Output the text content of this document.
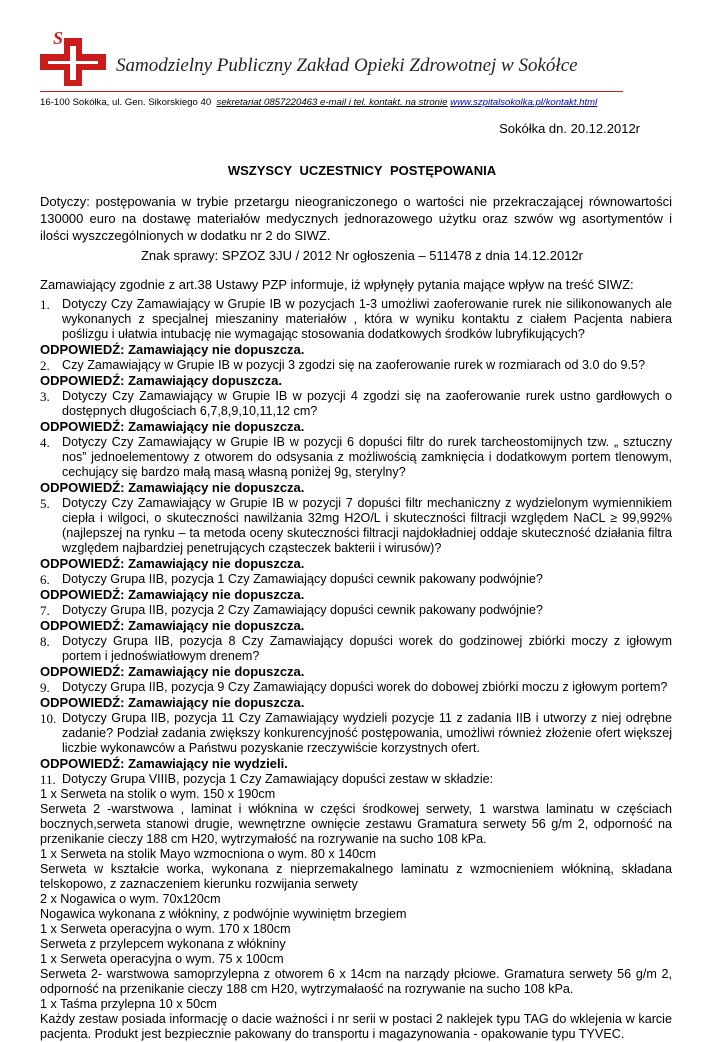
S
Samodzielny Publiczny Zakład Opieki Zdrowotnej w Sokółce
16-100 Sokółka, ul. Gen. Sikorskiego 40 sekretariat 0857220463 e-mail i tel. kontakt. na stronie www.szpitalsokolka.pl/kontakt.html
Sokółka dn. 20.12.2012r
WSZYSCY UCZESTNICY POSTĘPOWANIA
Dotyczy: postępowania w trybie przetargu nieograniczonego o wartości nie przekraczającej równowartości 130000 euro na dostawę materiałów medycznych jednorazowego użytku oraz szwów wg asortymentów i ilości wyszczególnionych w dodatku nr 2 do SIWZ.
Znak sprawy: SPZOZ 3JU / 2012 Nr ogłoszenia – 511478 z dnia 14.12.2012r
Zamawiający zgodnie z art.38 Ustawy PZP informuje, iż wpłynęły pytania mające wpływ na treść SIWZ:
1. Dotyczy Czy Zamawiający w Grupie IB w pozycjach 1-3 umożliwi zaoferowanie rurek nie silikonowanych ale wykonanych z specjalnej mieszaniny materiałów , która w wyniku kontaktu z ciałem Pacjenta nabiera poślizgu i ułatwia intubację nie wymagając stosowania dodatkowych środków lubryfikujących?
ODPOWIEDŹ: Zamawiający nie dopuszcza.
2. Czy Zamawiający w Grupie IB w pozycji 3 zgodzi się na zaoferowanie rurek w rozmiarach od 3.0 do 9.5?
ODPOWIEDŹ: Zamawiający dopuszcza.
3. Dotyczy Czy Zamawiający w Grupie IB w pozycji 4 zgodzi się na zaoferowanie rurek ustno gardłowych o dostępnych długościach 6,7,8,9,10,11,12 cm?
ODPOWIEDŹ: Zamawiający nie dopuszcza.
4. Dotyczy Czy Zamawiający w Grupie IB w pozycji 6 dopuści filtr do rurek tarcheostomijnych tzw. „ sztuczny nos” jednoelementowy z otworem do odsysania z możliwością zamknięcia i dodatkowym portem tlenowym, cechujący się bardzo małą masą własną poniżej 9g, sterylny?
ODPOWIEDŹ: Zamawiający nie dopuszcza.
5. Dotyczy Czy Zamawiający w Grupie IB w pozycji 7 dopuści filtr mechaniczny z wydzielonym wymiennikiem ciepła i wilgoci, o skuteczności nawilżania 32mg H2O/L i skuteczności filtracji względem NaCL ≥ 99,992% (najlepszej na rynku – ta metoda oceny skuteczności filtracji najdokładniej oddaje skuteczność działania filtra względem najbardziej penetrujących cząsteczek bakterii i wirusów)?
ODPOWIEDŹ: Zamawiający nie dopuszcza.
6. Dotyczy Grupa IIB, pozycja 1 Czy Zamawiający dopuści cewnik pakowany podwójnie?
ODPOWIEDŹ: Zamawiający nie dopuszcza.
7. Dotyczy Grupa IIB, pozycja 2 Czy Zamawiający dopuści cewnik pakowany podwójnie?
ODPOWIEDŹ: Zamawiający nie dopuszcza.
8. Dotyczy Grupa IIB, pozycja 8 Czy Zamawiający dopuści worek do godzinowej zbiórki moczy z igłowym portem i jednoświatłowym drenem?
ODPOWIEDŹ: Zamawiający nie dopuszcza.
9. Dotyczy Grupa IIB, pozycja 9 Czy Zamawiający dopuści worek do dobowej zbiórki moczu z igłowym portem?
ODPOWIEDŹ: Zamawiający nie dopuszcza.
10. Dotyczy Grupa IIB, pozycja 11 Czy Zamawiający wydzieli pozycje 11 z zadania IIB i utworzy z niej odrębne zadanie? Podział zadania zwiększy konkurencyjność postępowania, umożliwi również złożenie ofert większej liczbie wykonawców a Państwu pozyskanie rzeczywiście korzystnych ofert.
ODPOWIEDŹ: Zamawiający nie wydzieli.
11. Dotyczy Grupa VIIIB, pozycja 1 Czy Zamawiający dopuści zestaw w składzie:
1 x Serweta na stolik o wym. 150 x 190cm
Serweta 2 -warstwowa , laminat i włóknina w części środkowej serwety, 1 warstwa laminatu w częściach bocznych,serweta stanowi drugie, wewnętrzne ownięcie zestawu Gramatura serwety 56 g/m 2, odporność na przenikanie cieczy 188 cm H20, wytrzymałość na rozrywanie na sucho 108 kPa.
1 x Serweta na stolik Mayo wzmocniona o wym. 80 x 140cm
Serweta w kształcie worka, wykonana z nieprzemakalnego laminatu z wzmocnieniem włókniną, składana telskopowo, z zaznaczeniem kierunku rozwijania serwety
2 x Nogawica o wym. 70x120cm
Nogawica wykonana z włókniny, z podwójnie wywiniętm brzegiem
1 x Serweta operacyjna o wym. 170 x 180cm
Serweta z przylepcem wykonana z włókniny
1 x Serweta operacyjna o wym. 75 x 100cm
Serweta 2- warstwowa samoprzylepna z otworem 6 x 14cm na narządy płciowe. Gramatura serwety 56 g/m 2, odporność na przenikanie cieczy 188 cm H20, wytrzymałaość na rozrywanie na sucho 108 kPa.
1 x Taśma przylepna 10 x 50cm
Każdy zestaw posiada informację o dacie ważności i nr serii w postaci 2 naklejek typu TAG do wklejenia w karcie pacjenta. Produkt jest bezpiecznie pakowany do transportu i magazynowania - opakowanie typu TYVEC.
